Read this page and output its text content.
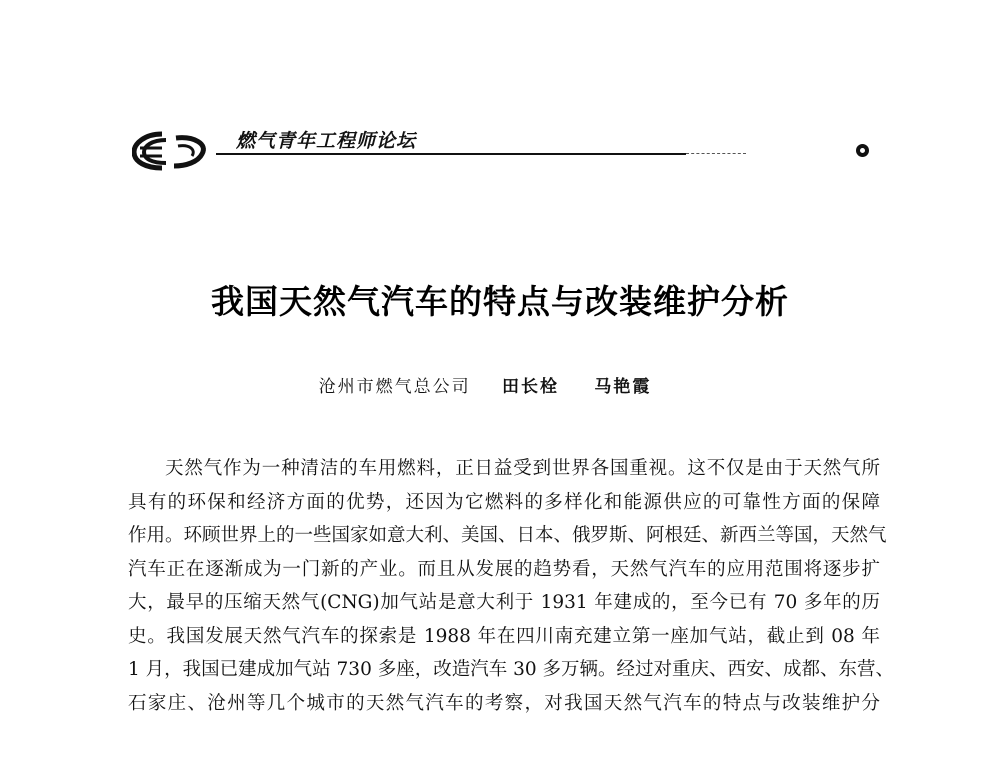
燃气青年工程师论坛
我国天然气汽车的特点与改装维护分析
沧州市燃气总公司 田长栓 马艳霞
天然气作为一种清洁的车用燃料，正日益受到世界各国重视。这不仅是由于天然气所
具有的环保和经济方面的优势，还因为它燃料的多样化和能源供应的可靠性方面的保障
作用。环顾世界上的一些国家如意大利、美国、日本、俄罗斯、阿根廷、新西兰等国，天然气
汽车正在逐渐成为一门新的产业。而且从发展的趋势看，天然气汽车的应用范围将逐步扩
大，最早的压缩天然气(CNG)加气站是意大利于 1931 年建成的，至今已有 70 多年的历
史。我国发展天然气汽车的探索是 1988 年在四川南充建立第一座加气站，截止到 08 年
1 月，我国已建成加气站 730 多座，改造汽车 30 多万辆。经过对重庆、西安、成都、东营、
石家庄、沧州等几个城市的天然气汽车的考察，对我国天然气汽车的特点与改装维护分
